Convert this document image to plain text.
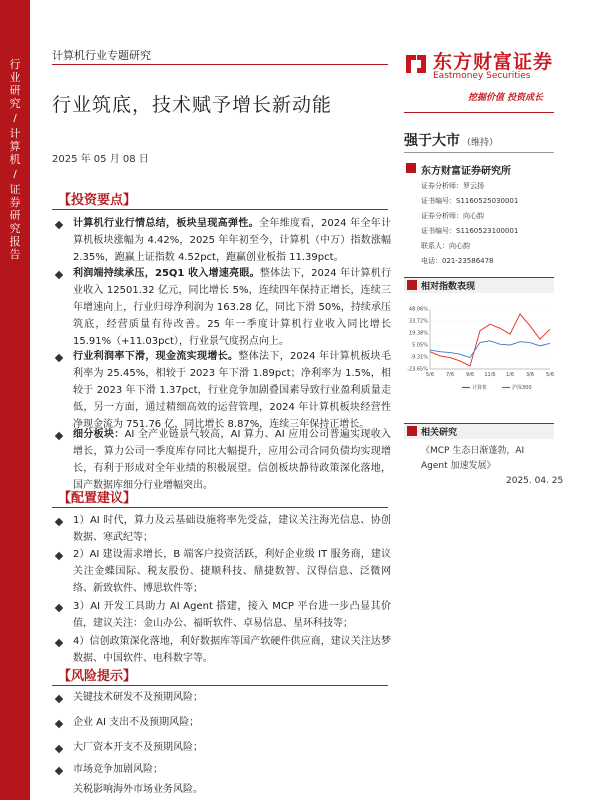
行业研究
/
计算机
/
证券研究报告
计算机行业专题研究
行业筑底，技术赋予增长新动能
2025 年 05 月 08 日
东方财富证券
Eastmoney Securities
挖掘价值 投资成长
强于大市 （维持）
东方财富证券研究所
证券分析师：罗云扬
证书编号：S1160525030001
证券分析师：向心韵
证书编号：S1160523100001
联系人：向心韵
电话：021-23586478
相对指数表现
48.06%
33.72%
19.38%
5.05%
-9.31%
-23.65%
5/6 7/6 9/6 11/6 1/6 3/6 5/6
计算机	沪深300
相关研究
《MCP 生态日渐蓬勃，AI Agent 加速发展》
2025. 04. 25
【投资要点】
计算机行业行情总结，板块呈现高弹性。全年维度看，2024 年全年计算机板块涨幅为 4.42%，2025 年年初至今，计算机（中万）指数涨幅 2.35%，跑赢上证指数 4.52pct，跑赢创业板指 11.39pct。
利润端持续承压，25Q1 收入增速亮眼。整体法下，2024 年计算机行业收入 12501.32 亿元，同比增长 5%，连续四年保持正增长，连续三年增速向上，行业归母净利润为 163.28 亿，同比下滑 50%，持续承压筑底，经营质量有待改善。25 年一季度计算机行业收入同比增长 15.91%（+11.03pct），行业景气度拐点向上。
行业利润率下滑，现金流实现增长。整体法下，2024 年计算机板块毛利率为 25.45%，相较于 2023 年下滑 1.89pct；净利率为 1.5%，相较于 2023 年下滑 1.37pct，行业竞争加剧叠国素导致行业盈利质量走低，另一方面，通过精细高效的运营管理，2024 年计算机板块经营性净现金流为 751.76 亿，同比增长 8.87%，连续三年保持正增长。
细分板块：AI 全产业链景气较高，AI 算力、AI 应用公司普遍实现收入增长，算力公司一季度库存同比大幅提升，应用公司合同负债均实现增长，有利于形成对全年业绩的积极展望。信创板块静待政策深化落地，国产数据库细分行业增幅突出。
【配置建议】
1）AI 时代，算力及云基础设施将率先受益，建议关注海光信息、协创数据、寒武纪等；
2）AI 建设需求增长，B 端客户投资活跃，利好企业级 IT 服务商，建议关注金蝶国际、税友股份、捷顺科技、鼎捷数智、汉得信息、泛微网络、新致软件、博思软件等；
3）AI 开发工具助力 AI Agent 搭建，接入 MCP 平台进一步凸显其价值，建议关注：金山办公、福昕软件、卓易信息、星环科技等；
4）信创政策深化落地，利好数据库等国产软硬件供应商，建议关注达梦数据、中国软件、电科数字等。
【风险提示】
关键技术研发不及预期风险；
企业 AI 支出不及预期风险；
大厂资本开支不及预期风险；
市场竞争加剧风险；
关税影响海外市场业务风险。
